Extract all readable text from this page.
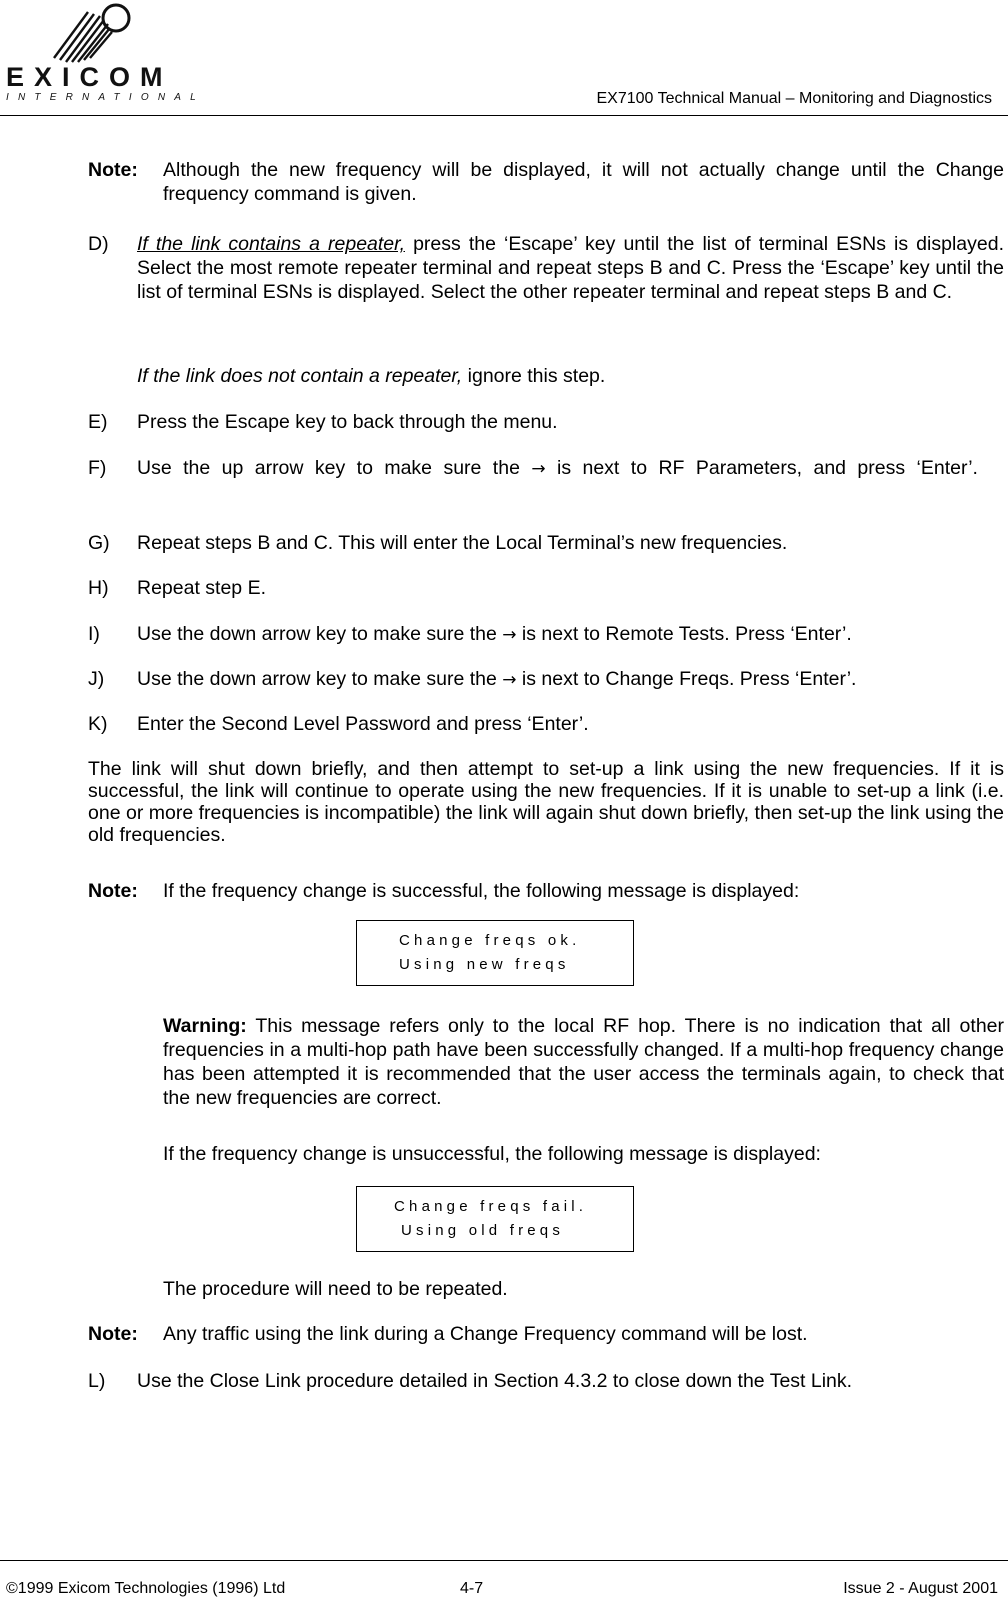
EXICOM
INTERNATIONAL	EX7100 Technical Manual – Monitoring and Diagnostics
Note: Although the new frequency will be displayed, it will not actually change until the Change frequency command is given.
D) If the link contains a repeater, press the ‘Escape’ key until the list of terminal ESNs is displayed. Select the most remote repeater terminal and repeat steps B and C. Press the ‘Escape’ key until the list of terminal ESNs is displayed. Select the other repeater terminal and repeat steps B and C.
If the link does not contain a repeater, ignore this step.
E) Press the Escape key to back through the menu.
F) Use the up arrow key to make sure the → is next to RF Parameters, and press ‘Enter’.
G) Repeat steps B and C. This will enter the Local Terminal’s new frequencies.
H) Repeat step E.
I) Use the down arrow key to make sure the → is next to Remote Tests. Press ‘Enter’.
J) Use the down arrow key to make sure the → is next to Change Freqs. Press ‘Enter’.
K) Enter the Second Level Password and press ‘Enter’.
The link will shut down briefly, and then attempt to set-up a link using the new frequencies. If it is successful, the link will continue to operate using the new frequencies. If it is unable to set-up a link (i.e. one or more frequencies is incompatible) the link will again shut down briefly, then set-up the link using the old frequencies.
Note: If the frequency change is successful, the following message is displayed:
Change freqs ok.
Using new freqs
Warning: This message refers only to the local RF hop. There is no indication that all other frequencies in a multi-hop path have been successfully changed. If a multi-hop frequency change has been attempted it is recommended that the user access the terminals again, to check that the new frequencies are correct.
If the frequency change is unsuccessful, the following message is displayed:
Change freqs fail.
Using old freqs
The procedure will need to be repeated.
Note: Any traffic using the link during a Change Frequency command will be lost.
L) Use the Close Link procedure detailed in Section 4.3.2 to close down the Test Link.
©1999 Exicom Technologies (1996) Ltd	4-7	Issue 2 - August 2001
